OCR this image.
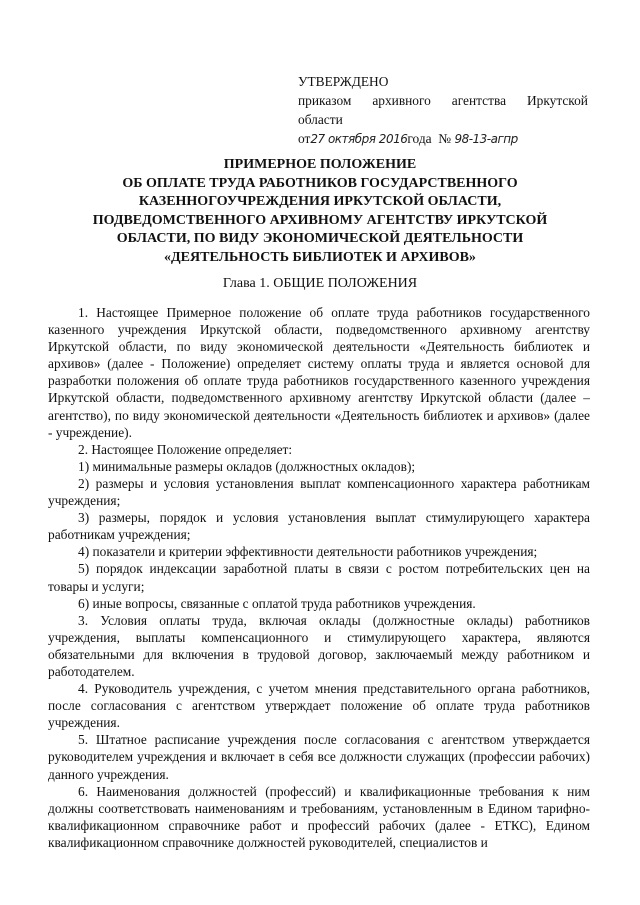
УТВЕРЖДЕНО
приказом архивного агентства Иркутской
области
от27 октября 2016года № 98-13-агпр
ПРИМЕРНОЕ ПОЛОЖЕНИЕ
ОБ ОПЛАТЕ ТРУДА РАБОТНИКОВ ГОСУДАРСТВЕННОГО
КАЗЕННОГОУЧРЕЖДЕНИЯ ИРКУТСКОЙ ОБЛАСТИ,
ПОДВЕДОМСТВЕННОГО АРХИВНОМУ АГЕНТСТВУ ИРКУТСКОЙ
ОБЛАСТИ, ПО ВИДУ ЭКОНОМИЧЕСКОЙ ДЕЯТЕЛЬНОСТИ
«ДЕЯТЕЛЬНОСТЬ БИБЛИОТЕК И АРХИВОВ»
Глава 1. ОБЩИЕ ПОЛОЖЕНИЯ

1. Настоящее Примерное положение об оплате труда работников государственного казенного учреждения Иркутской области, подведомственного архивному агентству Иркутской области, по виду экономической деятельности «Деятельность библиотек и архивов» (далее - Положение) определяет систему оплаты труда и является основой для разработки положения об оплате труда работников государственного казенного учреждения Иркутской области, подведомственного архивному агентству Иркутской области (далее – агентство), по виду экономической деятельности «Деятельность библиотек и архивов» (далее - учреждение).

2. Настоящее Положение определяет:

1) минимальные размеры окладов (должностных окладов);

2) размеры и условия установления выплат компенсационного характера работникам учреждения;

3) размеры, порядок и условия установления выплат стимулирующего характера работникам учреждения;

4) показатели и критерии эффективности деятельности работников учреждения;

5) порядок индексации заработной платы в связи с ростом потребительских цен на товары и услуги;

6) иные вопросы, связанные с оплатой труда работников учреждения.

3. Условия оплаты труда, включая оклады (должностные оклады) работников учреждения, выплаты компенсационного и стимулирующего характера, являются обязательными для включения в трудовой договор, заключаемый между работником и работодателем.

4. Руководитель учреждения, с учетом мнения представительного органа работников, после согласования с агентством утверждает положение об оплате труда работников учреждения.

5. Штатное расписание учреждения после согласования с агентством утверждается руководителем учреждения и включает в себя все должности служащих (профессии рабочих) данного учреждения.

6. Наименования должностей (профессий) и квалификационные требования к ним должны соответствовать наименованиям и требованиям, установленным в Едином тарифно-квалификационном справочнике работ и профессий рабочих (далее - ЕТКС), Едином квалификационном справочнике должностей руководителей, специалистов и
